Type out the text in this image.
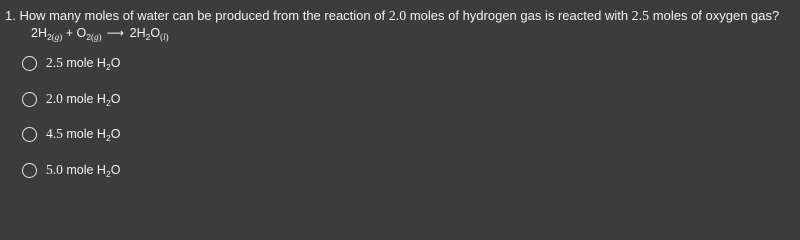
1. How many moles of water can be produced from the reaction of 2.0 moles of hydrogen gas is reacted with 2.5 moles of oxygen gas?
$2H_{2(g)} + O_{2(g)}$ ⟶ $2H_2O_{(l)}$
2.5 mole $H_2O$
2.0 mole $H_2O$
4.5 mole $H_2O$
5.0 mole $H_2O$
